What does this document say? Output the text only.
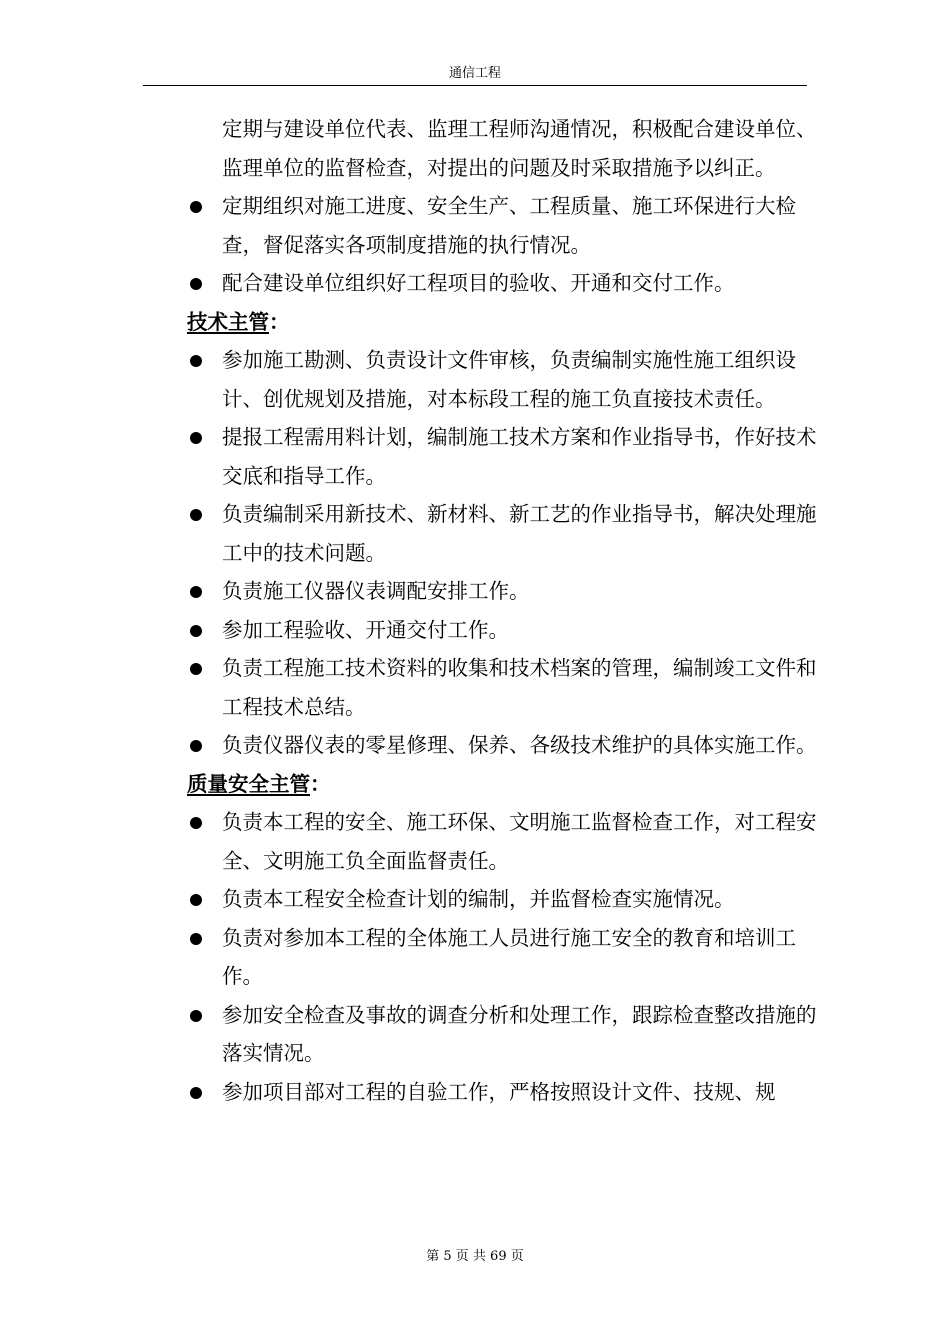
通信工程
定期与建设单位代表、监理工程师沟通情况，积极配合建设单位、监理单位的监督检查，对提出的问题及时采取措施予以纠正。
定期组织对施工进度、安全生产、工程质量、施工环保进行大检查，督促落实各项制度措施的执行情况。
配合建设单位组织好工程项目的验收、开通和交付工作。
技术主管：
参加施工勘测、负责设计文件审核，负责编制实施性施工组织设计、创优规划及措施，对本标段工程的施工负直接技术责任。
提报工程需用料计划，编制施工技术方案和作业指导书，作好技术交底和指导工作。
负责编制采用新技术、新材料、新工艺的作业指导书，解决处理施工中的技术问题。
负责施工仪器仪表调配安排工作。
参加工程验收、开通交付工作。
负责工程施工技术资料的收集和技术档案的管理，编制竣工文件和工程技术总结。
负责仪器仪表的零星修理、保养、各级技术维护的具体实施工作。
质量安全主管：
负责本工程的安全、施工环保、文明施工监督检查工作，对工程安全、文明施工负全面监督责任。
负责本工程安全检查计划的编制，并监督检查实施情况。
负责对参加本工程的全体施工人员进行施工安全的教育和培训工作。
参加安全检查及事故的调查分析和处理工作，跟踪检查整改措施的落实情况。
参加项目部对工程的自验工作，严格按照设计文件、技规、规
第 5 页 共 69 页
